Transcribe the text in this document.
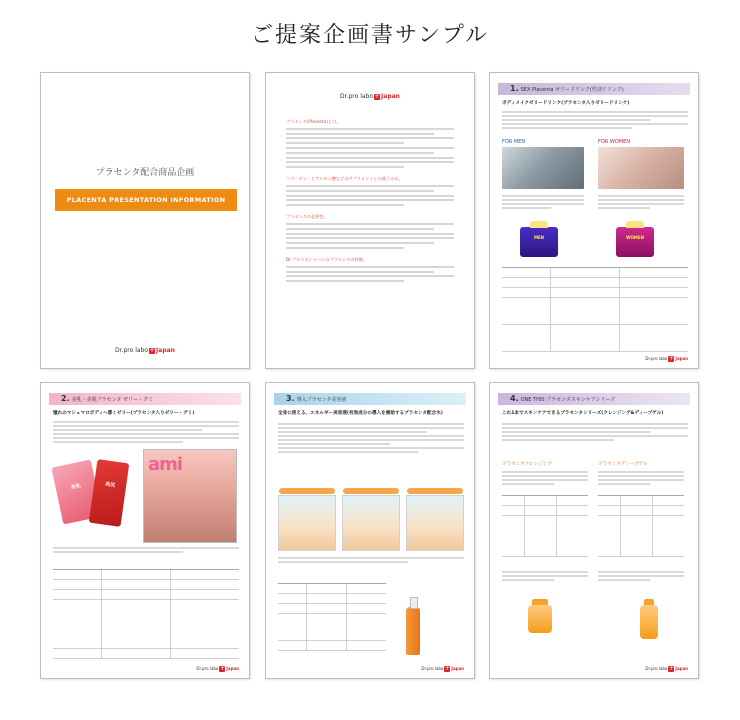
ご提案企画書サンプル
プラセンタ配合商品企画
PLACENTA PRESENTATION INFORMATION
Dr.pro labo+Japan
Dr.pro labo+Japan
プラセンタ(Placenta)とは。
コラーゲン・ヒアルロン酸などのサプリメントとの違うのか。
プラセンタの必要性。
Dr.プロラボジャパンのプラセンタの特徴。
1. SEX Placenta ゼリードリンク(性別ドリンク)
ボディメイクゼリードリンク(プラセンタ入りゼリードリンク)
FOR MEN	FOR WOMEN
MEN	WOMEN
Dr.pro labo+Japan
2. 美乳・美肌プラセンタ ゼリー・グミ
憧れのマシュマロボディへ導くゼリー(プラセンタ入りゼリー・グミ)
美乳	美尻
ami
Dr.pro labo+Japan
3. 導入プラセンタ美容液
全身に使える、エネルギー美容液(有効成分の導入を補助するプラセンタ配合水)
Dr.pro labo+Japan
4. ONE THIS プラセンタスキンケアシリーズ
これ1本でスキンケアできるプラセンタシリーズ(クレンジング&ディープゲル)
プラセンタクレンジング	プラセンタディープゲル
Dr.pro labo+Japan
